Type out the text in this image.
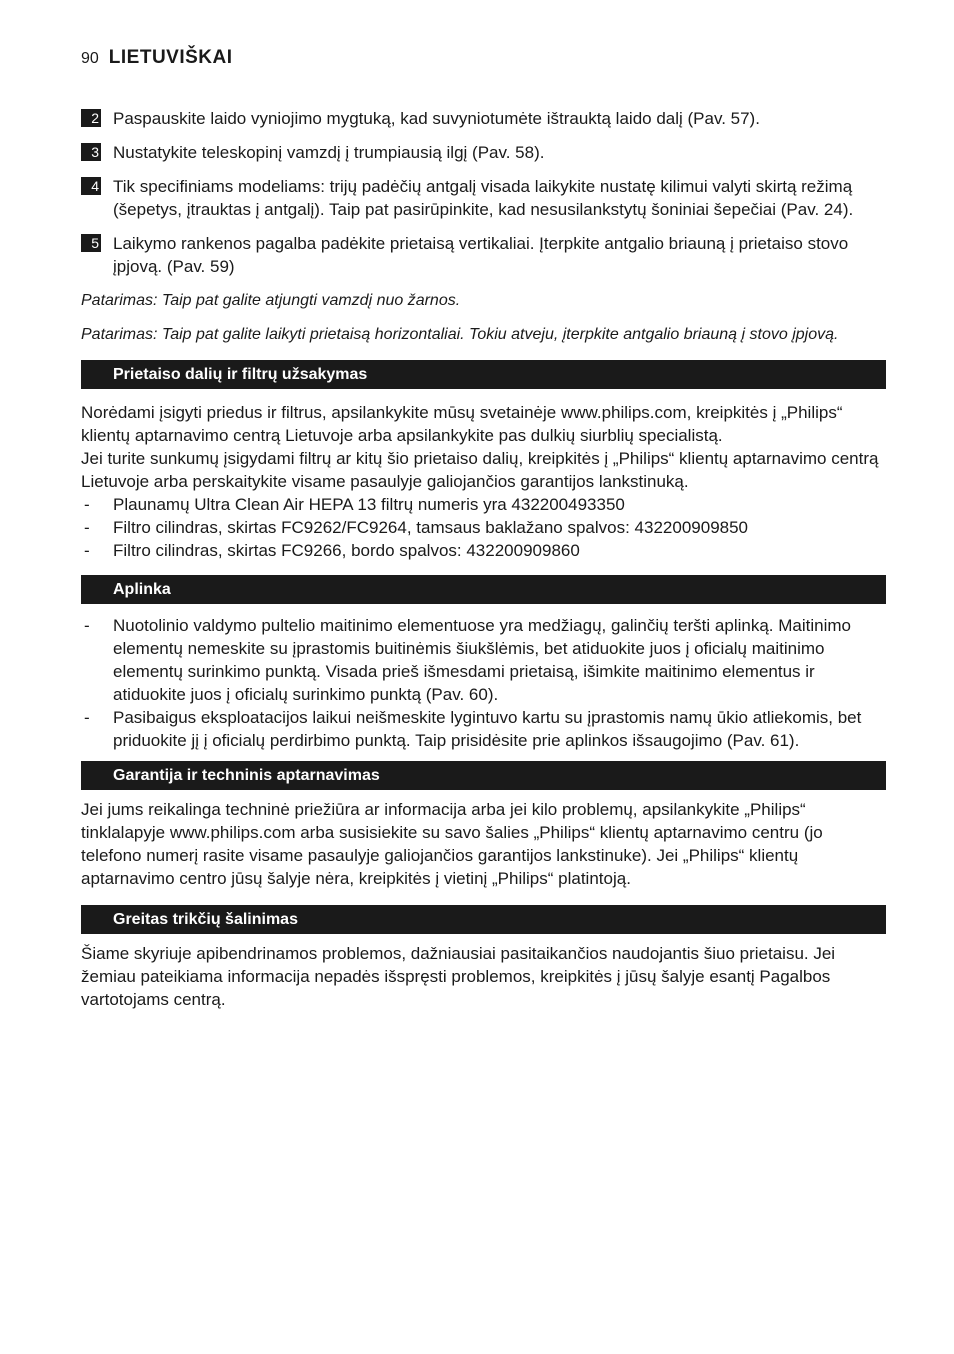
90 LIETUVIŠKAI
2 Paspauskite laido vyniojimo mygtuką, kad suvyniotumėte ištrauktą laido dalį (Pav. 57).
3 Nustatykite teleskopinį vamzdį į trumpiausią ilgį (Pav. 58).
4 Tik specifiniams modeliams: trijų padėčių antgalį visada laikykite nustatę kilimui valyti skirtą režimą (šepetys, įtrauktas į antgalį). Taip pat pasirūpinkite, kad nesusilankstytų šoniniai šepečiai (Pav. 24).
5 Laikymo rankenos pagalba padėkite prietaisą vertikaliai. Įterpkite antgalio briauną į prietaiso stovo įpjovą. (Pav. 59)
Patarimas: Taip pat galite atjungti vamzdį nuo žarnos.
Patarimas: Taip pat galite laikyti prietaisą horizontaliai. Tokiu atveju, įterpkite antgalio briauną į stovo įpjovą.
Prietaiso dalių ir filtrų užsakymas

Norėdami įsigyti priedus ir filtrus, apsilankykite mūsų svetainėje www.philips.com, kreipkitės į „Philips“ klientų aptarnavimo centrą Lietuvoje arba apsilankykite pas dulkių siurblių specialistą.

Jei turite sunkumų įsigydami filtrų ar kitų šio prietaiso dalių, kreipkitės į „Philips“ klientų aptarnavimo centrą Lietuvoje arba perskaitykite visame pasaulyje galiojančios garantijos lankstinuką.

- Plaunamų Ultra Clean Air HEPA 13 filtrų numeris yra 432200493350
- Filtro cilindras, skirtas FC9262/FC9264, tamsaus baklažano spalvos: 432200909850
- Filtro cilindras, skirtas FC9266, bordo spalvos: 432200909860
Aplinka
- Nuotolinio valdymo pultelio maitinimo elementuose yra medžiagų, galinčių teršti aplinką. Maitinimo elementų nemeskite su įprastomis buitinėmis šiukšlėmis, bet atiduokite juos į oficialų maitinimo elementų surinkimo punktą. Visada prieš išmesdami prietaisą, išimkite maitinimo elementus ir atiduokite juos į oficialų surinkimo punktą (Pav. 60).
- Pasibaigus eksploatacijos laikui neišmeskite lygintuvo kartu su įprastomis namų ūkio atliekomis, bet priduokite jį į oficialų perdirbimo punktą. Taip prisidėsite prie aplinkos išsaugojimo (Pav. 61).
Garantija ir techninis aptarnavimas

Jei jums reikalinga techninė priežiūra ar informacija arba jei kilo problemų, apsilankykite „Philips“ tinklalapyje www.philips.com arba susisiekite su savo šalies „Philips“ klientų aptarnavimo centru (jo telefono numerį rasite visame pasaulyje galiojančios garantijos lankstinuke). Jei „Philips“ klientų aptarnavimo centro jūsų šalyje nėra, kreipkitės į vietinį „Philips“ platintoją.

Greitas trikčių šalinimas

Šiame skyriuje apibendrinamos problemos, dažniausiai pasitaikančios naudojantis šiuo prietaisu. Jei žemiau pateikiama informacija nepadės išspręsti problemos, kreipkitės į jūsų šalyje esantį Pagalbos vartotojams centrą.
